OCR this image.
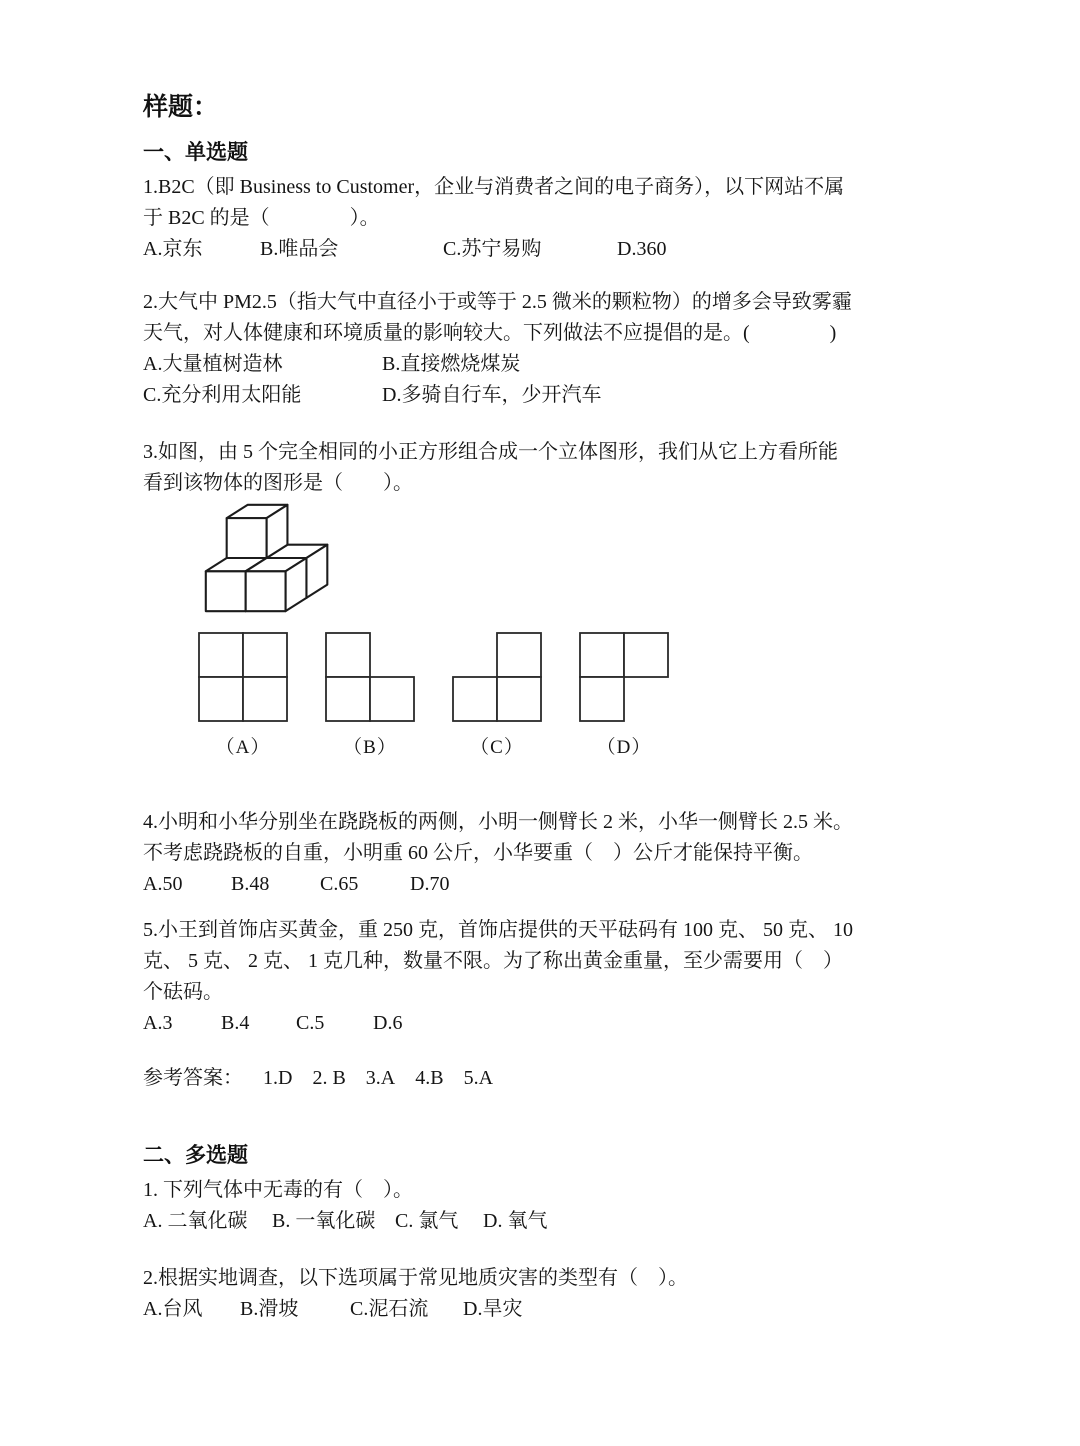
样题：
一、单选题

1.B2C（即 Business to Customer，企业与消费者之间的电子商务），以下网站不属

于 B2C 的是（　　　　）。

A.京东	B.唯品会	C.苏宁易购	D.360

2.大气中 PM2.5（指大气中直径小于或等于 2.5 微米的颗粒物）的增多会导致雾霾

天气，对人体健康和环境质量的影响较大。下列做法不应提倡的是。(　　　　)

A.大量植树造林	B.直接燃烧煤炭
C.充分利用太阳能	D.多骑自行车，少开汽车

3.如图，由 5 个完全相同的小正方形组合成一个立体图形，我们从它上方看所能

看到该物体的图形是（　　）。

（A）	（B）	（C）	（D）

4.小明和小华分别坐在跷跷板的两侧，小明一侧臂长 2 米，小华一侧臂长 2.5 米。

不考虑跷跷板的自重，小明重 60 公斤，小华要重（　）公斤才能保持平衡。

A.50	B.48	C.65	D.70

5.小王到首饰店买黄金，重 250 克，首饰店提供的天平砝码有 100 克、 50 克、 10

克、 5 克、 2 克、 1 克几种，数量不限。为了称出黄金重量，至少需要用（　）

个砝码。

A.3	B.4	C.5	D.6
参考答案： 1.D 2. B 3.A 4.B 5.A
二、多选题

1. 下列气体中无毒的有（　）。

A. 二氧化碳	B. 一氧化碳 C. 氯气	D. 氧气

2.根据实地调查，以下选项属于常见地质灾害的类型有（　）。

A.台风	B.滑坡	C.泥石流	D.旱灾
